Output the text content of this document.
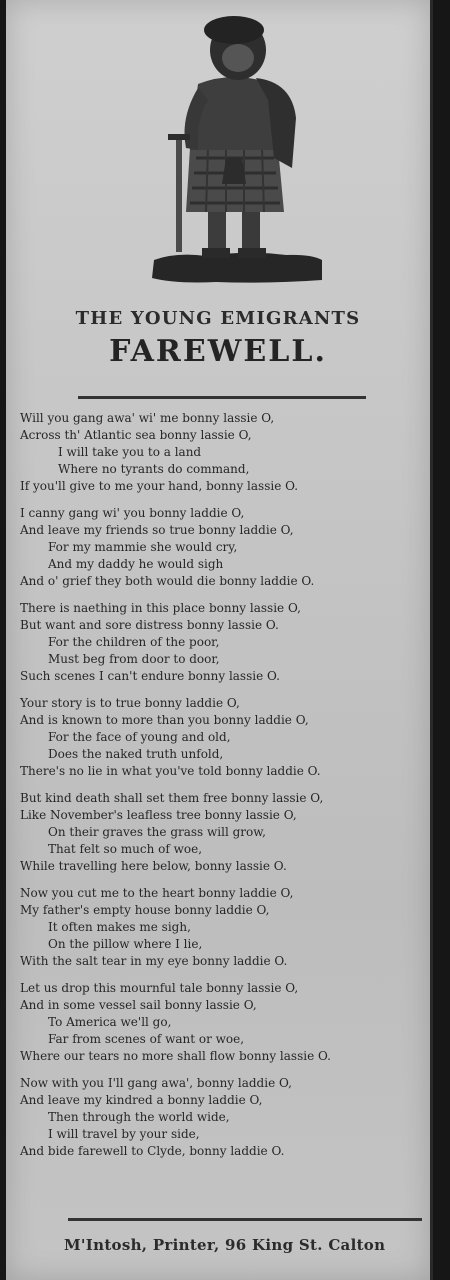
THE YOUNG EMIGRANTS
FAREWELL.
Will you gang awa' wi' me bonny lassie O,
Across th' Atlantic sea bonny lassie O,
I will take you to a land
Where no tyrants do command,
If you'll give to me your hand, bonny lassie O.
I canny gang wi' you bonny laddie O,
And leave my friends so true bonny laddie O,
For my mammie she would cry,
And my daddy he would sigh
And o' grief they both would die bonny laddie O.
There is naething in this place bonny lassie O,
But want and sore distress bonny lassie O.
For the children of the poor,
Must beg from door to door,
Such scenes I can't endure bonny lassie O.
Your story is to true bonny laddie O,
And is known to more than you bonny laddie O,
For the face of young and old,
Does the naked truth unfold,
There's no lie in what you've told bonny laddie O.
But kind death shall set them free bonny lassie O,
Like November's leafless tree bonny lassie O,
On their graves the grass will grow,
That felt so much of woe,
While travelling here below, bonny lassie O.
Now you cut me to the heart bonny laddie O,
My father's empty house bonny laddie O,
It often makes me sigh,
On the pillow where I lie,
With the salt tear in my eye bonny laddie O.
Let us drop this mournful tale bonny lassie O,
And in some vessel sail bonny lassie O,
To America we'll go,
Far from scenes of want or woe,
Where our tears no more shall flow bonny lassie O.
Now with you I'll gang awa', bonny laddie O,
And leave my kindred a bonny laddie O,
Then through the world wide,
I will travel by your side,
And bide farewell to Clyde, bonny laddie O.
M'Intosh, Printer, 96 King St. Calton
